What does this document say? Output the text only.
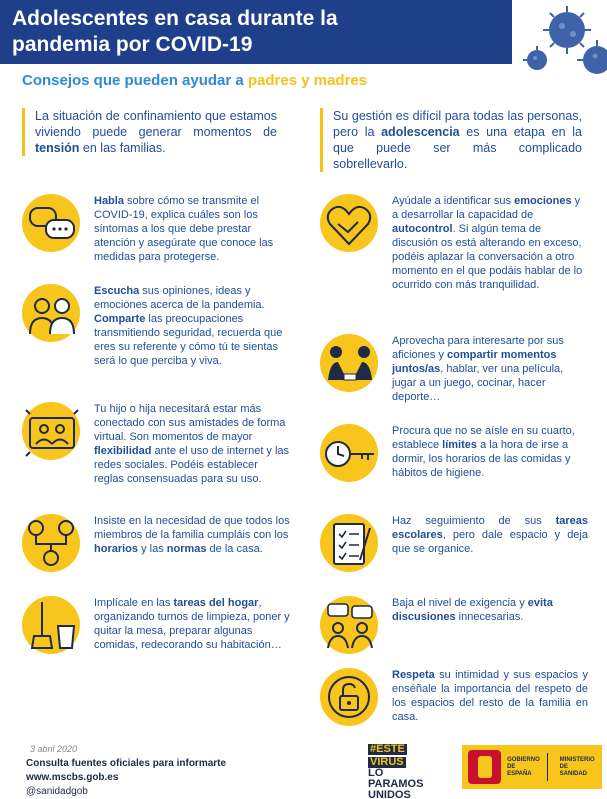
Adolescentes en casa durante la
pandemia por COVID-19
Consejos que pueden ayudar a padres y madres
La situación de confinamiento que estamos viviendo puede generar momentos de tensión en las familias.
Su gestión es difícil para todas las personas, pero la adolescencia es una etapa en la que puede ser más complicado sobrellevarlo.
Habla sobre cómo se transmite el COVID-19, explica cuáles son los síntomas a los que debe prestar atención y asegúrate que conoce las medidas para protegerse.
Escucha sus opiniones, ideas y emociones acerca de la pandemia. Comparte las preocupaciones transmitiendo seguridad, recuerda que eres su referente y cómo tú te sientas será lo que perciba y viva.
Tu hijo o hija necesitará estar más conectado con sus amistades de forma virtual. Son momentos de mayor flexibilidad ante el uso de internet y las redes sociales. Podéis establecer reglas consensuadas para su uso.
Insiste en la necesidad de que todos los miembros de la familia cumpláis con los horarios y las normas de la casa.
Implícale en las tareas del hogar, organizando turnos de limpieza, poner y quitar la mesa, preparar algunas comidas, redecorando su habitación…
Ayúdale a identificar sus emociones y a desarrollar la capacidad de autocontrol. Si algún tema de discusión os está alterando en exceso, podéis aplazar la conversación a otro momento en el que podáis hablar de lo ocurrido con más tranquilidad.
Aprovecha para interesarte por sus aficiones y compartir momentos juntos/as, hablar, ver una película, jugar a un juego, cocinar, hacer deporte…
Procura que no se aísle en su cuarto, establece límites a la hora de irse a dormir, los horarios de las comidas y hábitos de higiene.
Haz seguimiento de sus tareas escolares, pero dale espacio y deja que se organice.
Baja el nivel de exigencia y evita discusiones innecesarias.
Respeta su intimidad y sus espacios y enséñale la importancia del respeto de los espacios del resto de la familia en casa.
3 abril 2020
Consulta fuentes oficiales para informarte
www.mscbs.gob.es
@sanidadgob
#ESTE
VIRUS
LO
PARAMOS
UNIDOS
GOBIERNO
DE ESPAÑA
MINISTERIO
DE SANIDAD
